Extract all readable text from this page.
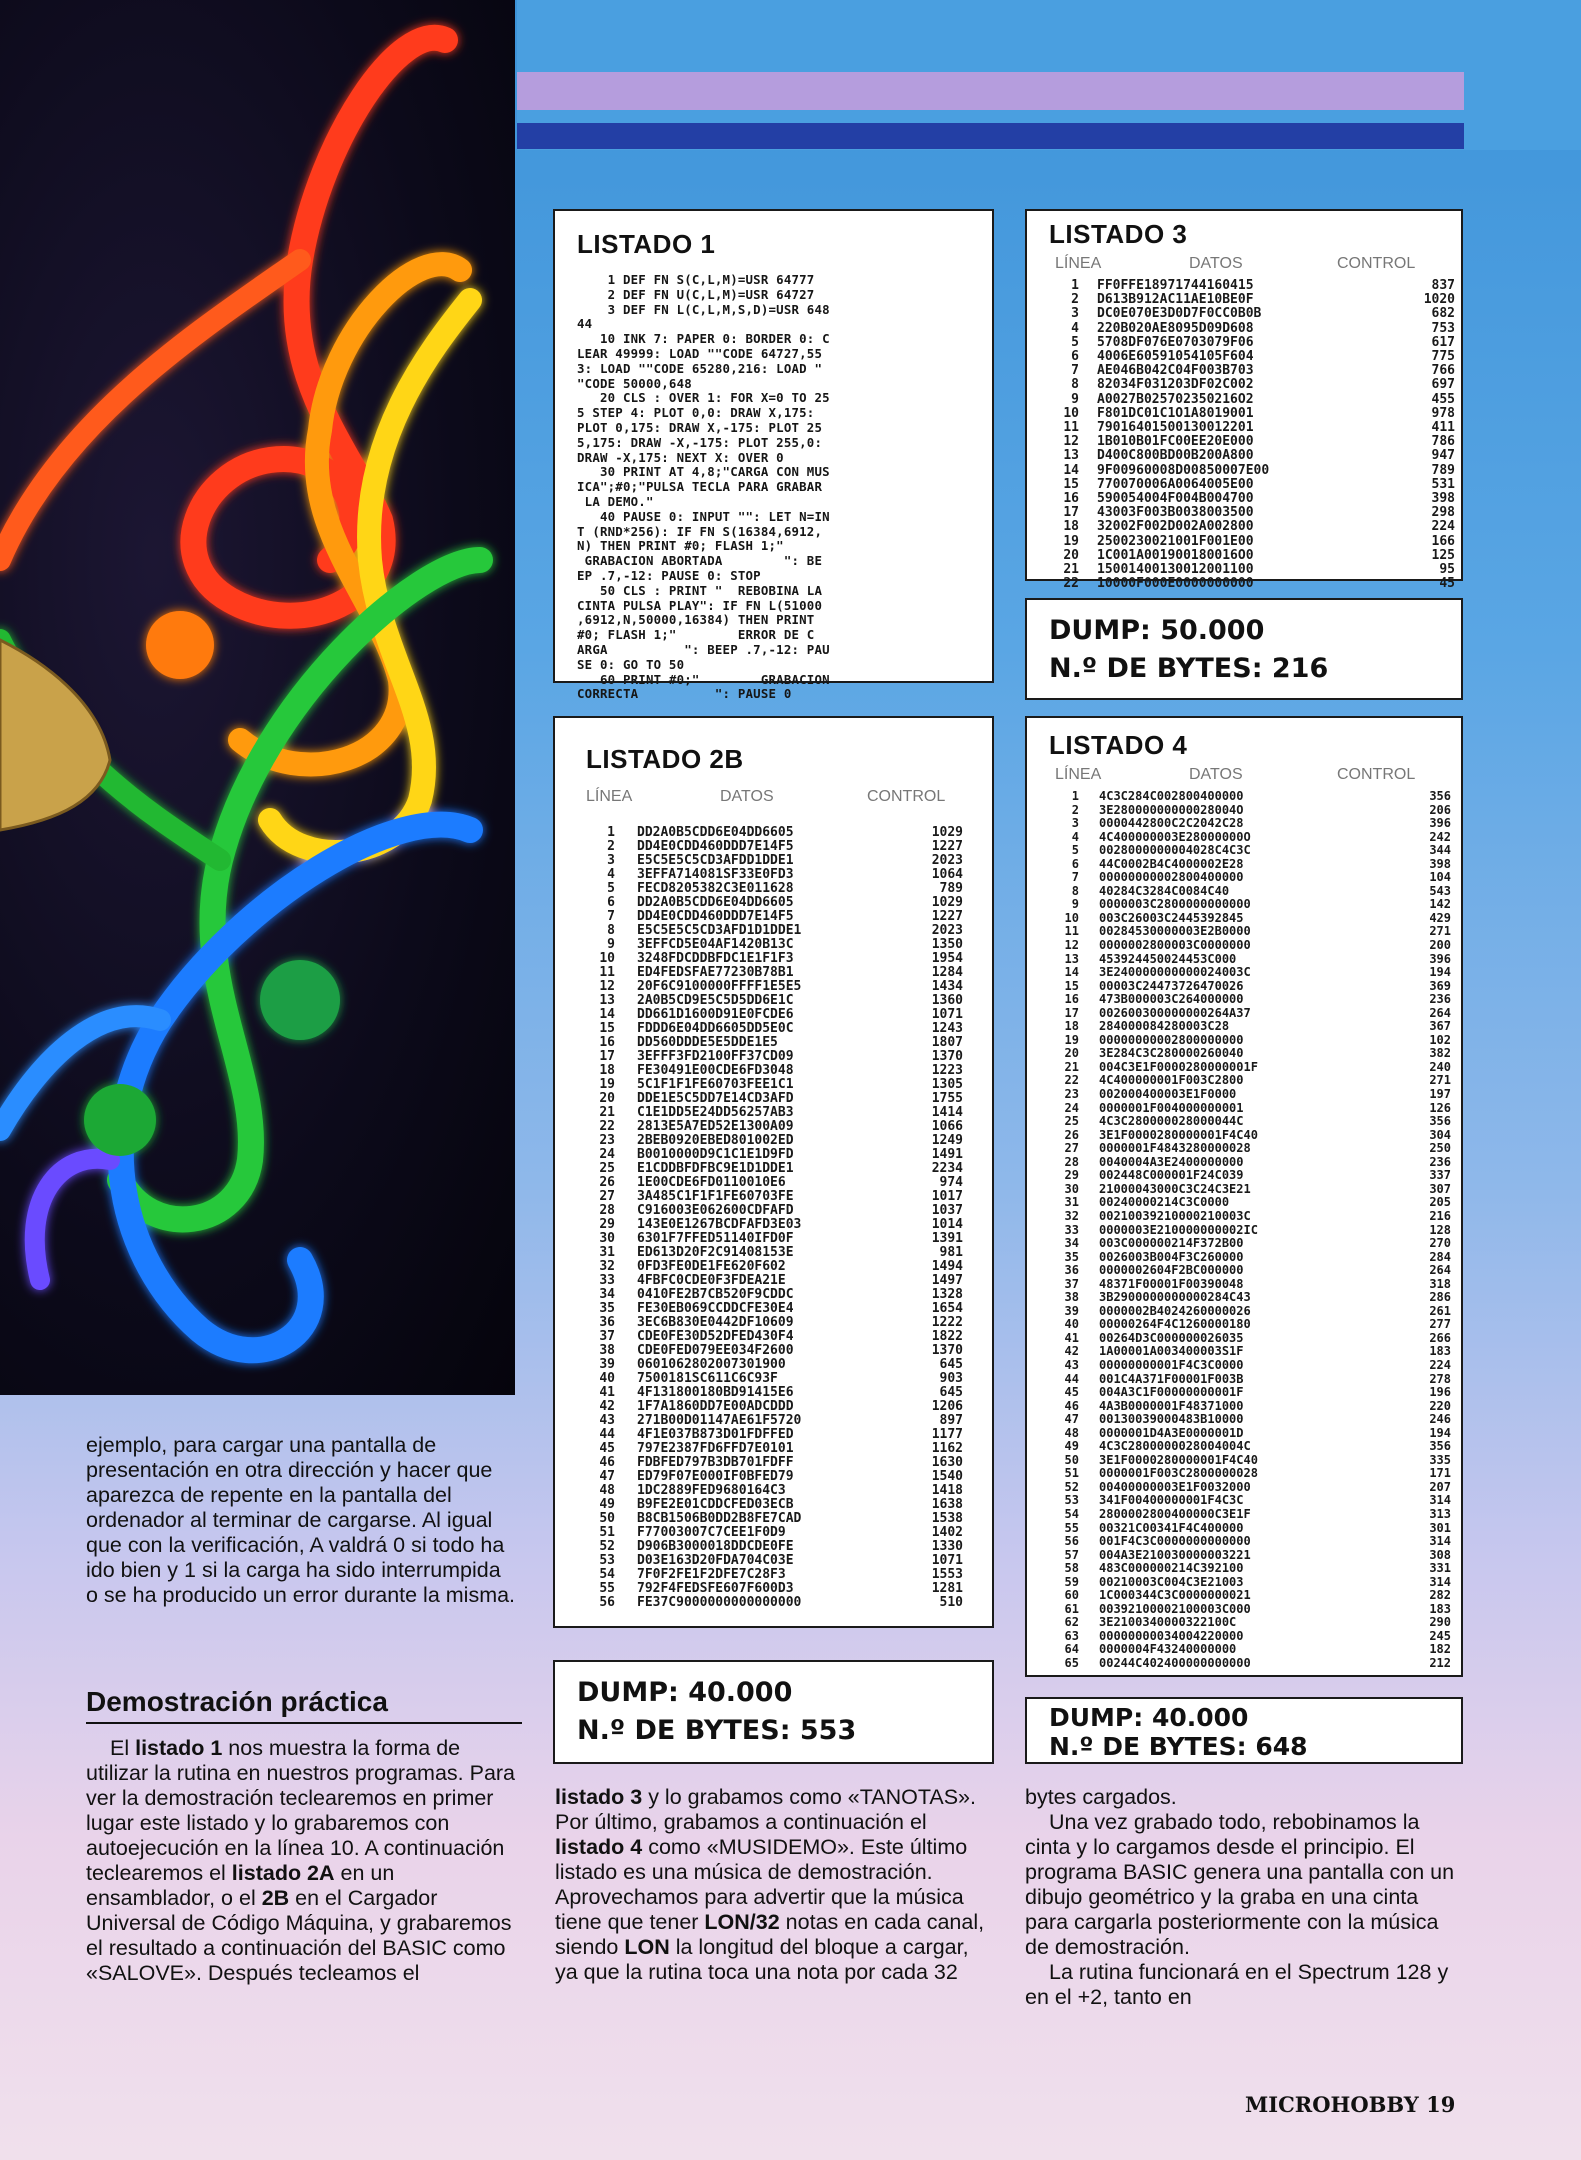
LISTADO 1
1 DEF FN S(C,L,M)=USR 64777
2 DEF FN U(C,L,M)=USR 64727
3 DEF FN L(C,L,M,S,D)=USR 648
44
10 INK 7: PAPER 0: BORDER 0: C
LEAR 49999: LOAD ""CODE 64727,55
3: LOAD ""CODE 65280,216: LOAD "
"CODE 50000,648
20 CLS : OVER 1: FOR X=0 TO 25
5 STEP 4: PLOT 0,0: DRAW X,175:
PLOT 0,175: DRAW X,-175: PLOT 25
5,175: DRAW -X,-175: PLOT 255,0:
DRAW -X,175: NEXT X: OVER 0
30 PRINT AT 4,8;"CARGA CON MUS
ICA";#0;"PULSA TECLA PARA GRABAR
LA DEMO."
40 PAUSE 0: INPUT "": LET N=IN
T (RND*256): IF FN S(16384,6912,
N) THEN PRINT #0; FLASH 1;"
GRABACION ABORTADA        ": BE
EP .7,-12: PAUSE 0: STOP
50 CLS : PRINT "  REBOBINA LA
CINTA PULSA PLAY": IF FN L(51000
,6912,N,50000,16384) THEN PRINT
#0; FLASH 1;"        ERROR DE C
ARGA          ": BEEP .7,-12: PAU
SE 0: GO TO 50
60 PRINT #0;"        GRABACION
CORRECTA          ": PAUSE 0
LISTADO 3
LÍNEA	DATOS	CONTROL
1 FF0FFE18971744160415	837
2 D613B912AC11AE10BE0F	1020
3 DC0E070E3D0D7F0CC0B0B	682
4 220B020AE8095D09D608	753
5 5708DF076E0703079F06	617
6 4006E60591054105F604	775
7 AE046B042C04F003B703	766
8 82034F031203DF02C002	697
9 A0027B025702350216O2	455
10 F801DC01C1O1A8019001	978
11 79016401500130012201	411
12 1B010B01FC00EE20E000	786
13 D400C800BD00B200A800	947
14 9F00960008D00850007E00	789
15 770070006A0064005E00	531
16 590054004F004B004700	398
17 43003F003B0038003500	298
18 32002F002D002A002800	224
19 2500230021001F001E00	166
20 1C001A001900180016O0	125
21 15001400130012001100	95
22 10000F000E0000000000	45
DUMP: 50.000
N.º DE BYTES: 216
LISTADO 2B
LÍNEA	DATOS	CONTROL
1 DD2A0B5CDD6E04DD6605	1029
2 DD4E0CDD460DDD7E14F5	1227
3 E5C5E5C5CD3AFDD1DDE1	2023
4 3EFFA714081SF33E0FD3	1064
5 FECD8205382C3E011628	789
6 DD2A0B5CDD6E04DD6605	1029
7 DD4E0CDD460DDD7E14F5	1227
8 E5C5E5C5CD3AFD1D1DDE1	2023
9 3EFFCD5E04AF1420B13C	1350
10 3248FDCDDBFDC1E1F1F3	1954
11 ED4FEDSFAE77230B78B1	1284
12 20F6C9100000FFFF1E5E5	1434
13 2A0B5CD9E5C5D5DD6E1C	1360
14 DD661D1600D91E0FCDE6	1071
15 FDDD6E04DD6605DD5E0C	1243
16 DD560DDDE5E5DDE1E5	1807
17 3EFFF3FD2100FF37CD09	1370
18 FE30491E00CDE6FD3048	1223
19 5C1F1F1FE60703FEE1C1	1305
20 DDE1E5C5DD7E14CD3AFD	1755
21 C1E1DD5E24DD56257AB3	1414
22 2813E5A7ED52E1300A09	1066
23 2BEB0920EBED801002ED	1249
24 B0010000D9C1C1E1D9FD	1491
25 E1CDDBFDFBC9E1D1DDE1	2234
26 1E00CDE6FD0110010E6	974
27 3A485C1F1F1FE60703FE	1017
28 C916003E062600CDFAFD	1037
29 143E0E1267BCDFAFD3E03	1014
30 6301F7FFED51140IFD0F	1391
31 ED613D20F2C91408153E	981
32 0FD3FE0DE1FE620F602	1494
33 4FBFC0CDE0F3FDEA21E	1497
34 0410FE2B7CB520F9CDDC	1328
35 FE30EB069CCDDCFE30E4	1654
36 3EC6B830E0442DF10609	1222
37 CDE0FE30D52DFED430F4	1822
38 CDE0FED079EE034F2600	1370
39 0601062802007301900	645
40 7500181SC611C6C93F	903
41 4F131800180BD91415E6	645
42 1F7A1860DD7E00ADCDDD	1206
43 271B00D01147AE61F5720	897
44 4F1E037B873D01FDFFED	1177
45 797E2387FD6FFD7E0101	1162
46 FDBFED797B3DB701FDFF	1630
47 ED79F07E000IF0BFED79	1540
48 1DC2889FED9680164C3	1418
49 B9FE2E01CDDCFED03ECB	1638
50 B8CB1506B0DD2B8FE7CAD	1538
51 F77003007C7CEE1F0D9	1402
52 D906B3000018DDCDE0FE	1330
53 D03E163D20FDA704C03E	1071
54 7F0F2FE1F2DFE7C28F3	1553
55 792F4FEDSFE607F600D3	1281
56 FE37C9000000000000000	510
DUMP: 40.000
N.º DE BYTES: 553
LISTADO 4
LÍNEA	DATOS	CONTROL
1 4C3C284C002800400000	356
2 3E28000000000028004O	206
3 0000442800C2C2042C28	396
4 4C400000003E28000000O	242
5 0028000000004028C4C3C	344
6 44C0002B4C4000002E28	398
7 00000000002800400000	104
8 40284C3284C0084C40	543
9 0000003C2800000000000	142
10 003C26003C2445392845	429
11 00284530000003E2B0000	271
12 0000002800003C0000000	200
13 453924450024453C000	396
14 3E240000000000024003C	194
15 00003C24473726470026	369
16 473B000003C264000000	236
17 002600300000000264A37	264
18 284000084280003C28	367
19 00000000002800000000	102
20 3E284C3C280000260040	382
21 004C3E1F0000280000001F	240
22 4C400000001F003C2800	271
23 002000400003E1F0000	197
24 0000001F004000000001	126
25 4C3C280000028000044C	356
26 3E1F0000280000001F4C40	304
27 0000001F4843280000028	250
28 0040004A3E2400000000	236
29 002448C000001F24C039	337
30 21000043000C3C24C3E21	307
31 00240000214C3C0000	205
32 00210039210000210003C	216
33 0000003E210000000002IC	128
34 003C000000214F372B00	270
35 0026003B004F3C260000	284
36 0000002604F2BC000000	264
37 48371F00001F00390048	318
38 3B2900000000000284C43	286
39 0000002B4024260000026	261
40 00000264F4C1260000180	277
41 00264D3C000000026035	266
42 1A00001A003400003S1F	183
43 00000000001F4C3C0000	224
44 001C4A371F00001F003B	278
45 004A3C1F00000000001F	196
46 4A3B0000001F48371000	220
47 00130039000483B10000	246
48 0000001D4A3E0000001D	194
49 4C3C2800000028004004C	356
50 3E1F0000280000001F4C40	335
51 0000001F003C2800000028	171
52 00400000003E1F0032000	207
53 341F00400000001F4C3C	314
54 2800002800400000C3E1F	313
55 00321C00341F4C400000	301
56 001F4C3C0000000000000	314
57 004A3E210030000003221	308
58 483C000000214C392100	331
59 00210003C004C3E21003	314
60 1C000344C3C0000000021	282
61 00392100002100003C000	183
62 3E2100340000322100C	290
63 00000000034004220000	245
64 0000004F43240000000	182
65 00244C402400000000000	212
DUMP: 40.000
N.º DE BYTES: 648

ejemplo, para cargar una pantalla de presentación en otra dirección y hacer que aparezca de repente en la pantalla del ordenador al terminar de cargarse. Al igual que con la verificación, A valdrá 0 si todo ha ido bien y 1 si la carga ha sido interrumpida o se ha producido un error durante la misma.

Demostración práctica

El listado 1 nos muestra la forma de utilizar la rutina en nuestros programas. Para ver la demostración teclearemos en primer lugar este listado y lo grabaremos con autoejecución en la línea 10. A continuación teclearemos el listado 2A en un ensamblador, o el 2B en el Cargador Universal de Código Máquina, y grabaremos el resultado a continuación del BASIC como «SALOVE». Después tecleamos el

listado 3 y lo grabamos como «TANOTAS». Por último, grabamos a continuación el listado 4 como «MUSIDEMO». Este último listado es una música de demostración. Aprovechamos para advertir que la música tiene que tener LON/32 notas en cada canal, siendo LON la longitud del bloque a cargar, ya que la rutina toca una nota por cada 32

bytes cargados.

Una vez grabado todo, rebobinamos la cinta y lo cargamos desde el principio. El programa BASIC genera una pantalla con un dibujo geométrico y la graba en una cinta para cargarla posteriormente con la música de demostración.

La rutina funcionará en el Spectrum 128 y en el +2, tanto en

MICROHOBBY 19
